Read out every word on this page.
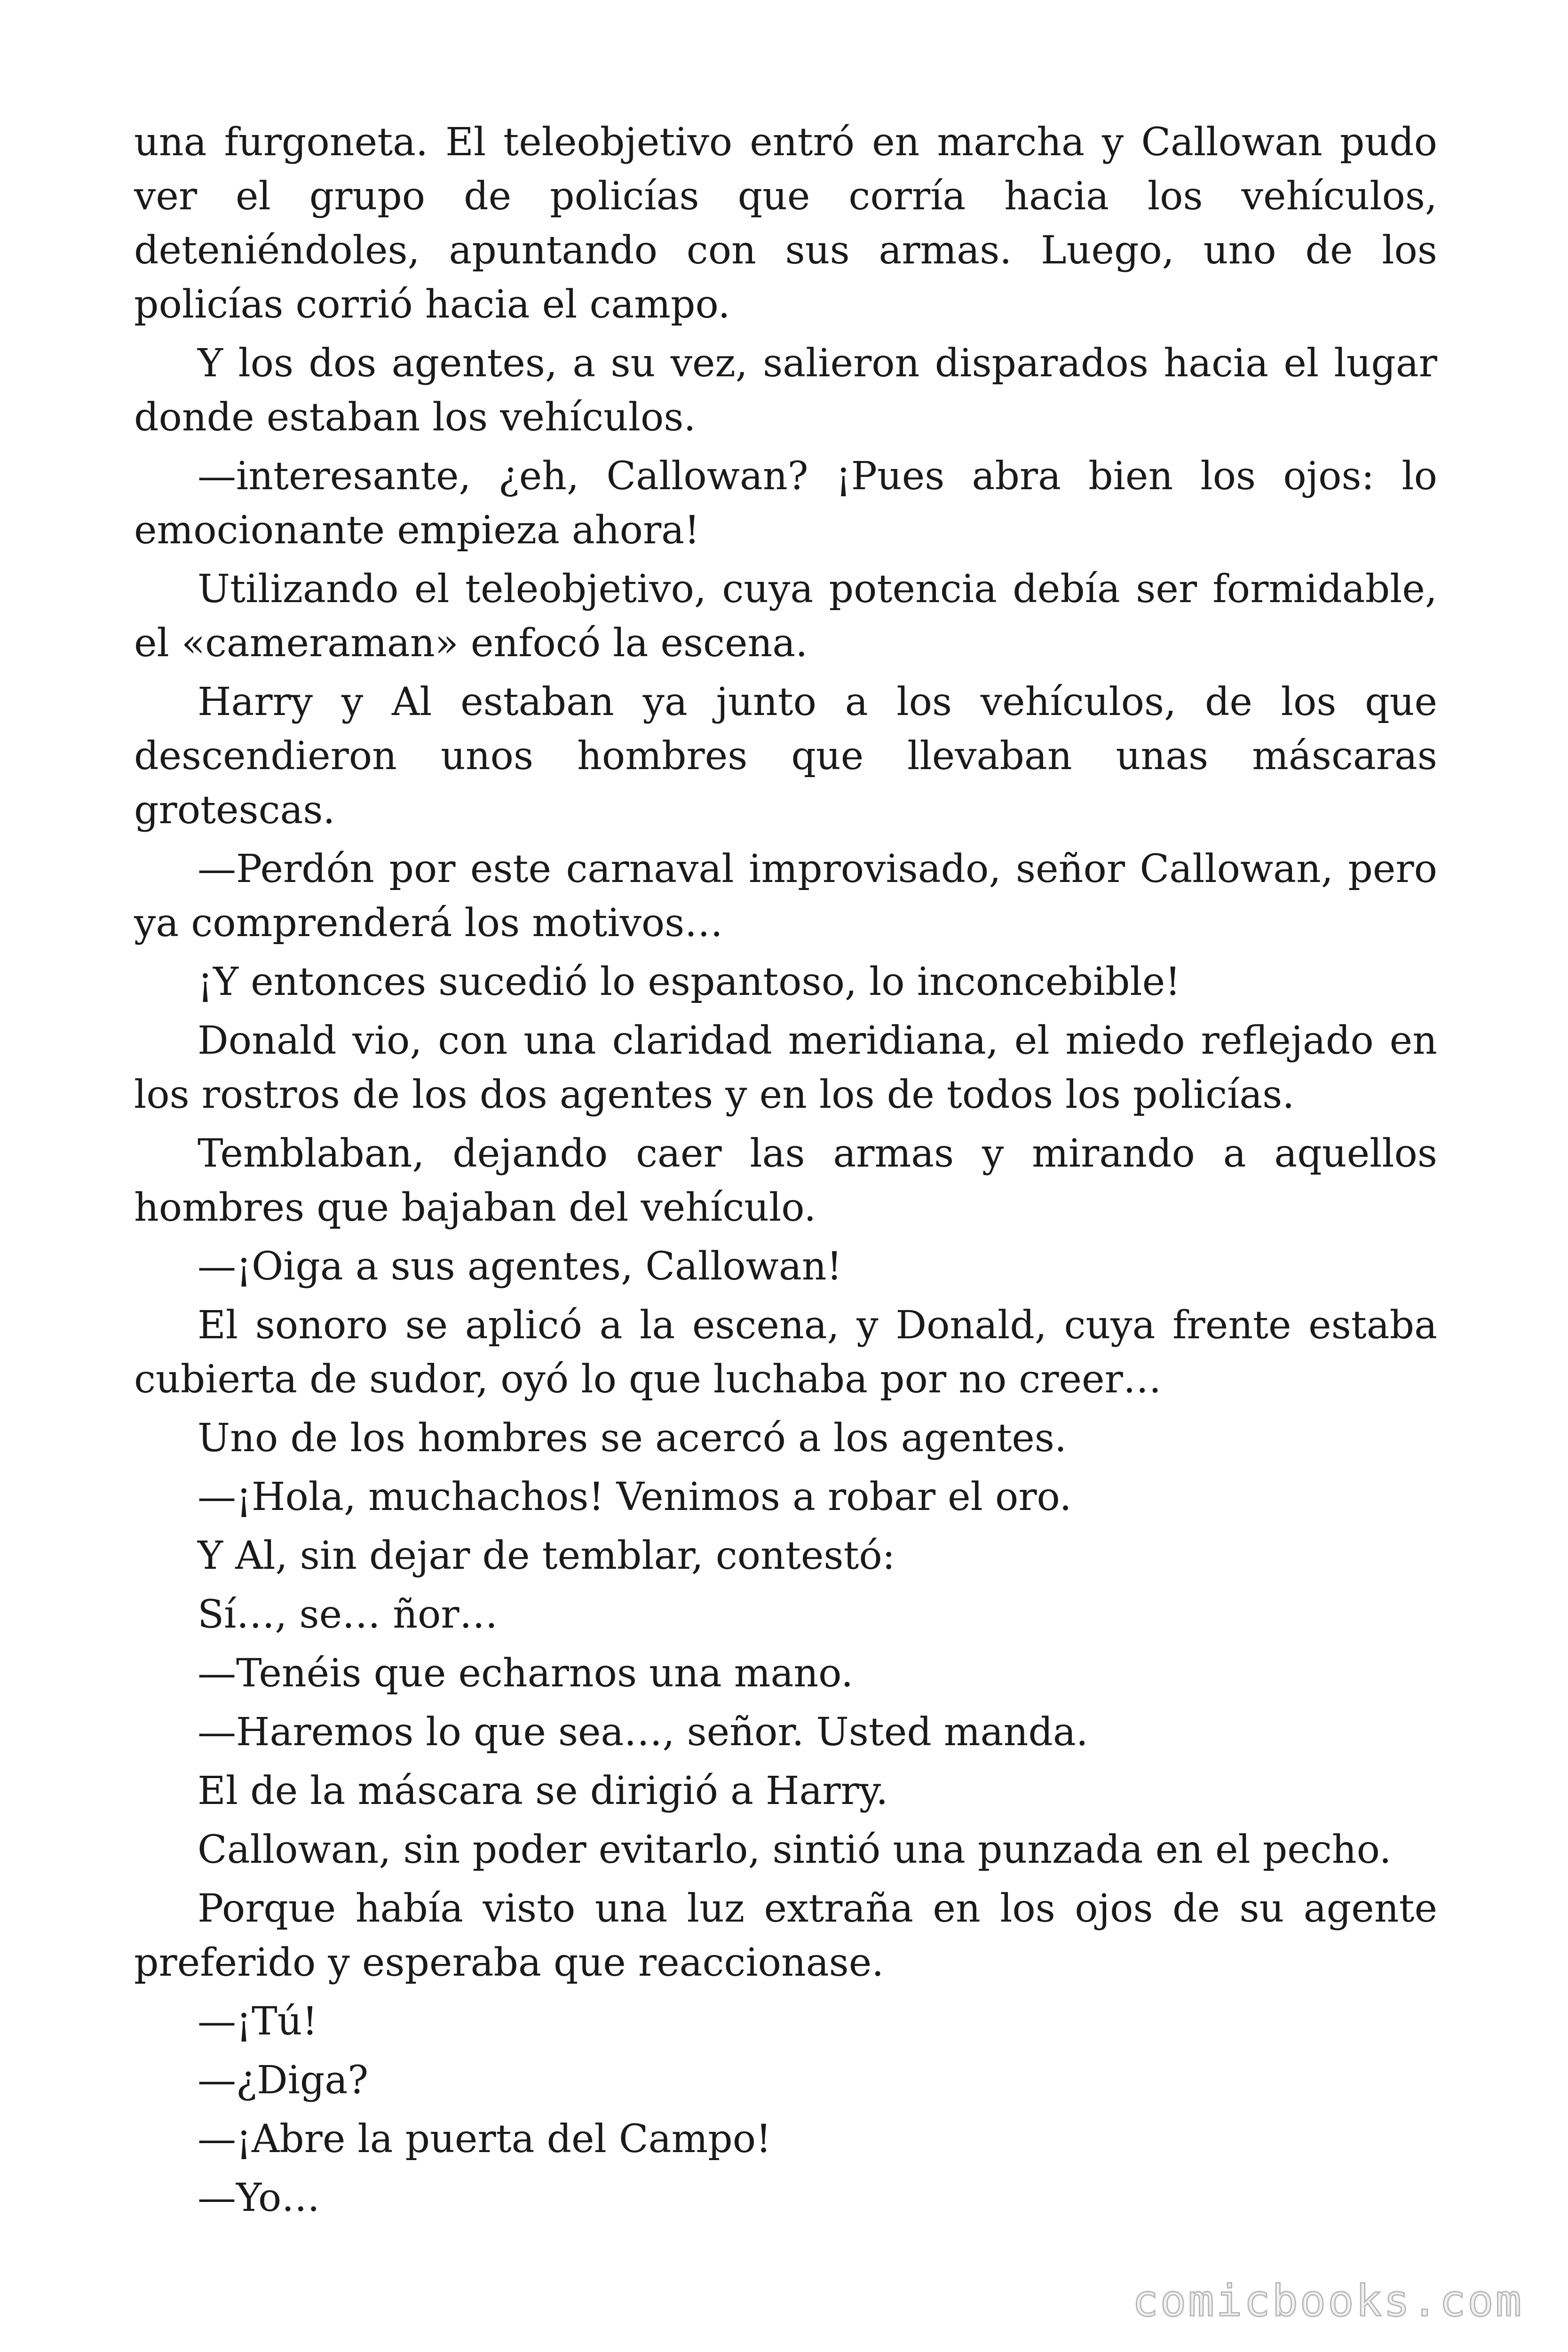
una furgoneta. El teleobjetivo entró en marcha y Callowan pudo ver el grupo de policías que corría hacia los vehículos, deteniéndoles, apuntando con sus armas. Luego, uno de los policías corrió hacia el campo.

Y los dos agentes, a su vez, salieron disparados hacia el lugar donde estaban los vehículos.

—interesante, ¿eh, Callowan? ¡Pues abra bien los ojos: lo emocionante empieza ahora!

Utilizando el teleobjetivo, cuya potencia debía ser formidable, el «cameraman» enfocó la escena.

Harry y Al estaban ya junto a los vehículos, de los que descendieron unos hombres que llevaban unas máscaras grotescas.

—Perdón por este carnaval improvisado, señor Callowan, pero ya comprenderá los motivos…

¡Y entonces sucedió lo espantoso, lo inconcebible!

Donald vio, con una claridad meridiana, el miedo reflejado en los rostros de los dos agentes y en los de todos los policías.

Temblaban, dejando caer las armas y mirando a aquellos hombres que bajaban del vehículo.

—¡Oiga a sus agentes, Callowan!

El sonoro se aplicó a la escena, y Donald, cuya frente estaba cubierta de sudor, oyó lo que luchaba por no creer…

Uno de los hombres se acercó a los agentes.

—¡Hola, muchachos! Venimos a robar el oro.

Y Al, sin dejar de temblar, contestó:

Sí…, se… ñor…

—Tenéis que echarnos una mano.

—Haremos lo que sea…, señor. Usted manda.

El de la máscara se dirigió a Harry.

Callowan, sin poder evitarlo, sintió una punzada en el pecho.

Porque había visto una luz extraña en los ojos de su agente preferido y esperaba que reaccionase.

—¡Tú!

—¿Diga?

—¡Abre la puerta del Campo!

—Yo…

comicbooks.com
